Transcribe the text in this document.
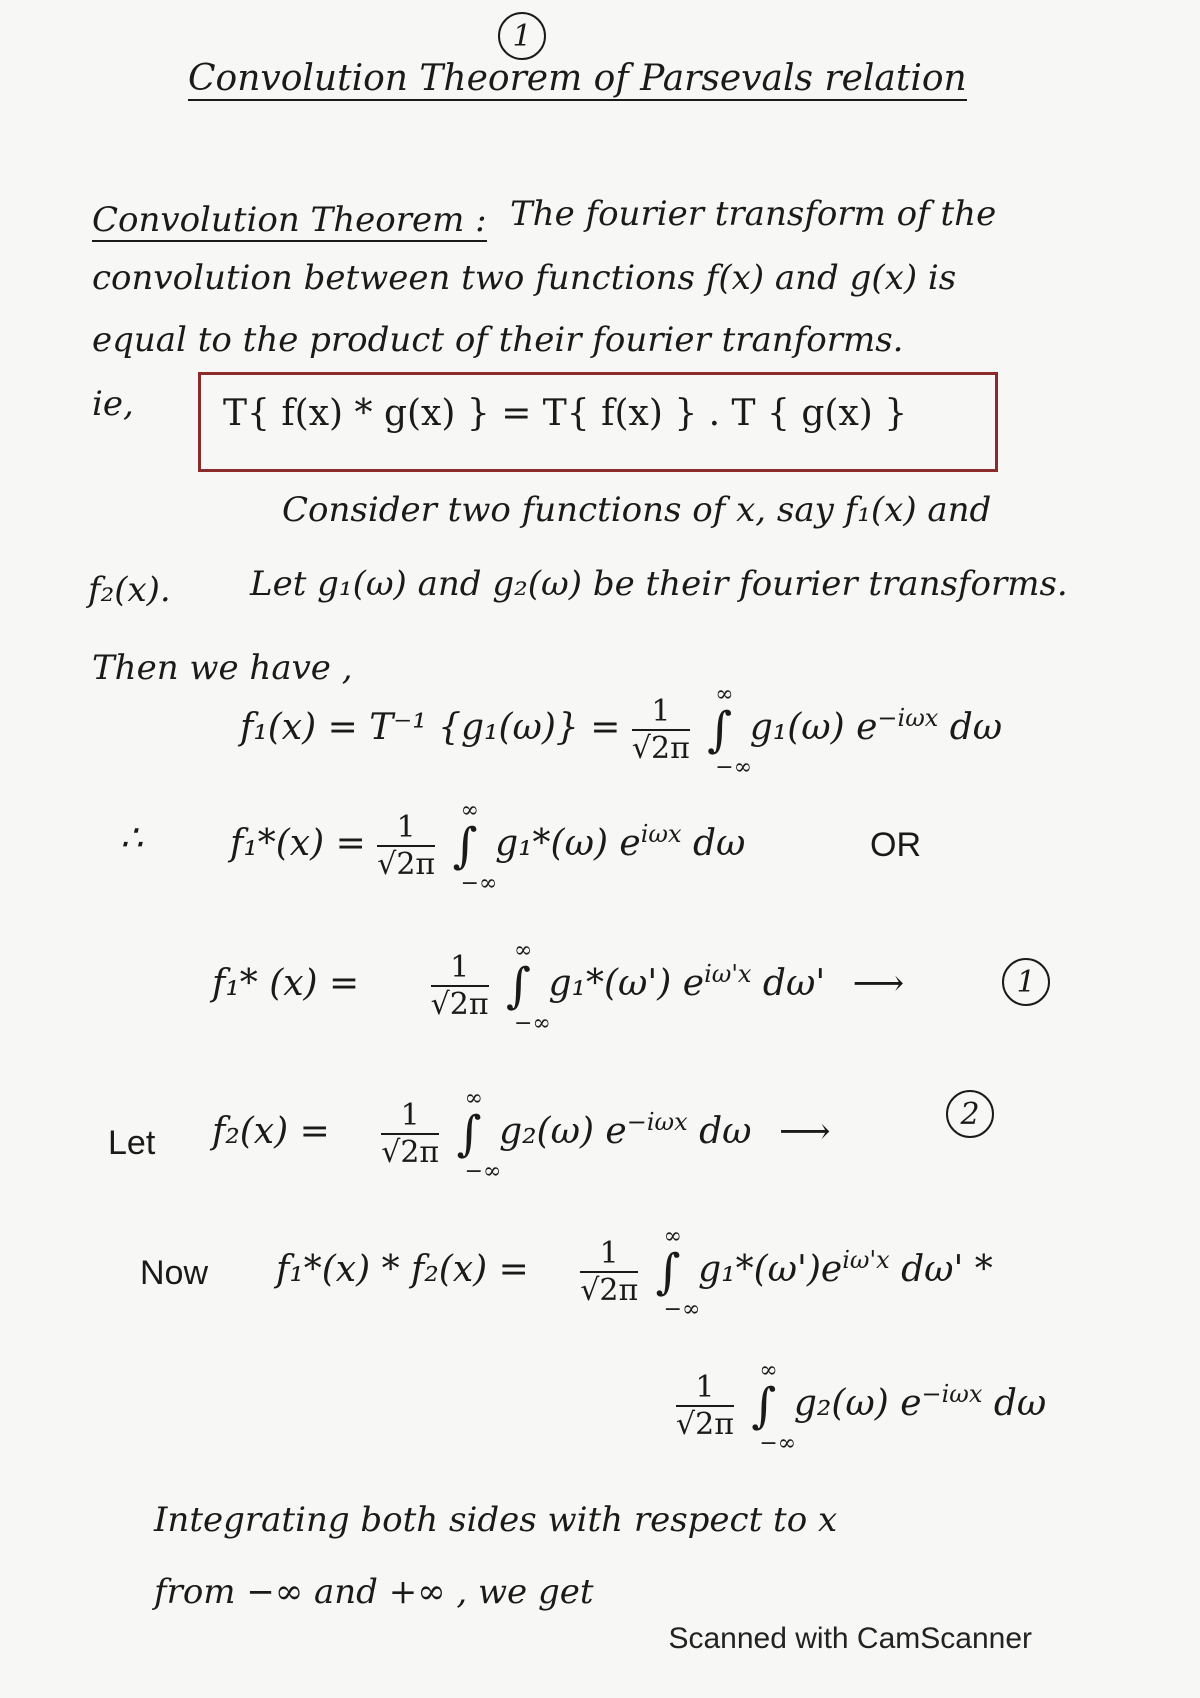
1
Convolution Theorem of Parsevals relation
Convolution Theorem : The fourier transform of the
convolution between two functions f(x) and g(x) is
equal to the product of their fourier tranforms.
ie, T{ f(x) * g(x) } = T{ f(x) } . T { g(x) }
Consider two functions of x, say f₁(x) and
f₂(x). Let g₁(ω) and g₂(ω) be their fourier transforms.
Then we have ,
f₁(x) = T⁻¹ $\{g_1(\omega)\} = \frac{1}{√2\pi}$ ∫
∞
−∞
g₁(ω) $e^{-i\omega x}$ dω
∴ $f_1*(x) = \frac{1}{√2\pi}$ ∫
∞
−∞
g₁*(ω) $e^{i\omega x}$ dω	OR
f₁* $(x) = \frac{1}{√2\pi}$ ∫
∞
−∞
g₁*(ω') $e^{i\omega'x}$ dω' ⟶	1
Let $f_2(x) = \frac{1}{√2\pi}$ ∫
∞
−∞
g₂(ω) $e^{-i\omega x}$ dω ⟶	2
Now $f_1*(x) * f_2(x) = \frac{1}{√2\pi}$ ∫
∞
−∞
$g_1*(\omega')e^{i\omega'x}$ dω' *
$\frac{1}{√2\pi}$ ∫
∞
−∞
g₂(ω) $e^{-i\omega x}$ dω
Integrating both sides with respect to x
from −∞ and +∞ , we get
Scanned with CamScanner
